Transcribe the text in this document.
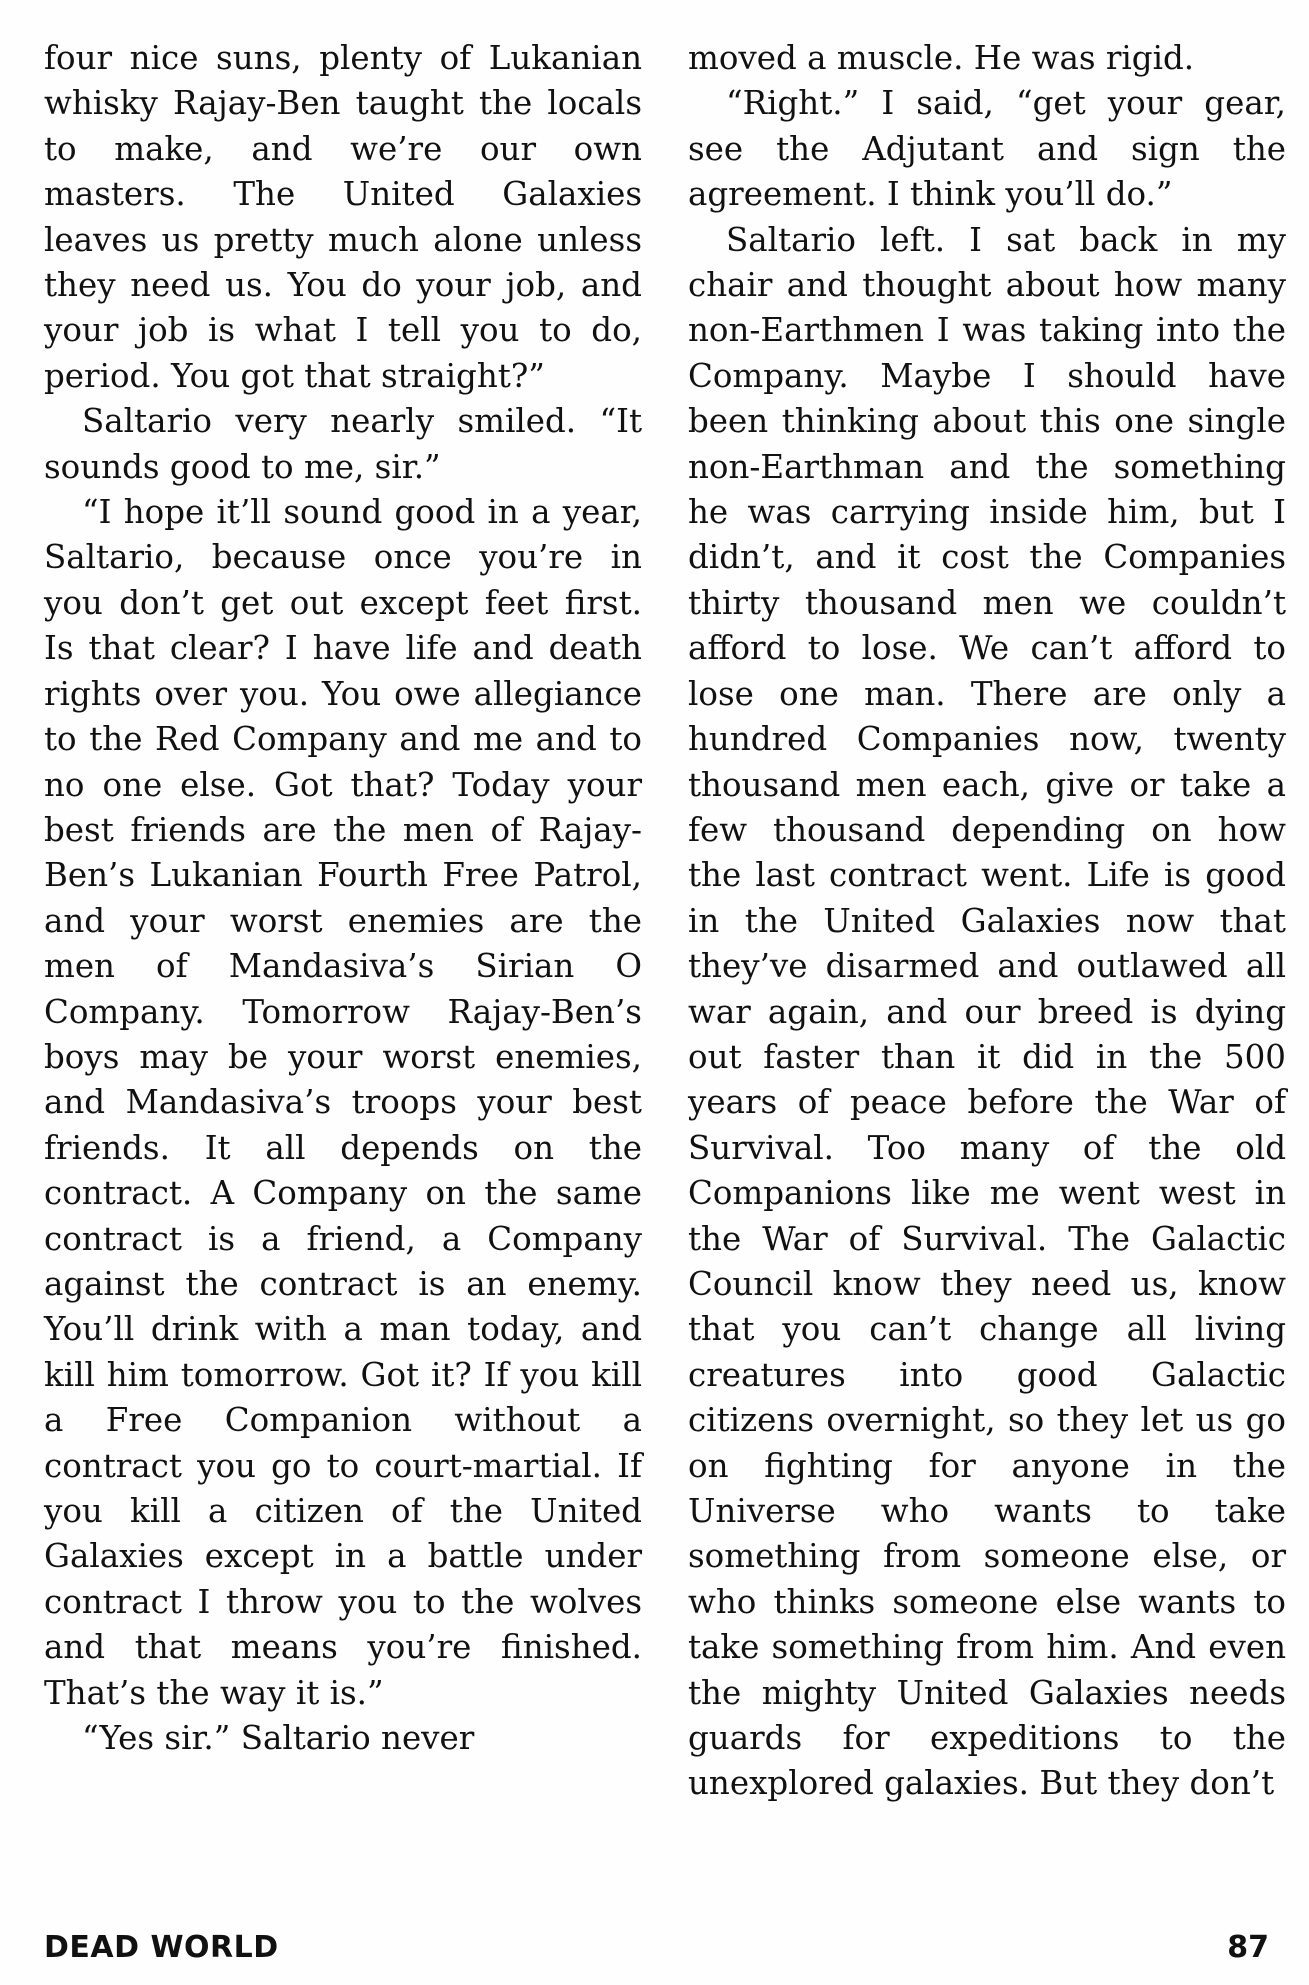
four nice suns, plenty of Lukanian whisky Rajay-Ben taught the locals to make, and we’re our own masters. The United Galaxies leaves us pretty much alone unless they need us. You do your job, and your job is what I tell you to do, period. You got that straight?”

Saltario very nearly smiled. “It sounds good to me, sir.”

“I hope it’ll sound good in a year, Saltario, because once you’re in you don’t get out except feet first. Is that clear? I have life and death rights over you. You owe allegiance to the Red Company and me and to no one else. Got that? Today your best friends are the men of Rajay-Ben’s Lukanian Fourth Free Patrol, and your worst enemies are the men of Mandasiva’s Sirian O Company. Tomorrow Rajay-Ben’s boys may be your worst enemies, and Mandasiva’s troops your best friends. It all depends on the contract. A Company on the same contract is a friend, a Company against the contract is an enemy. You’ll drink with a man today, and kill him tomorrow. Got it? If you kill a Free Companion without a contract you go to court-martial. If you kill a citizen of the United Galaxies except in a battle under contract I throw you to the wolves and that means you’re finished. That’s the way it is.”

“Yes sir.” Saltario never

moved a muscle. He was rigid.

“Right.” I said, “get your gear, see the Adjutant and sign the agreement. I think you’ll do.”

Saltario left. I sat back in my chair and thought about how many non-Earthmen I was taking into the Company. Maybe I should have been thinking about this one single non-Earthman and the something he was carrying inside him, but I didn’t, and it cost the Companies thirty thousand men we couldn’t afford to lose. We can’t afford to lose one man. There are only a hundred Companies now, twenty thousand men each, give or take a few thousand depending on how the last contract went. Life is good in the United Galaxies now that they’ve disarmed and outlawed all war again, and our breed is dying out faster than it did in the 500 years of peace before the War of Survival. Too many of the old Companions like me went west in the War of Survival. The Galactic Council know they need us, know that you can’t change all living creatures into good Galactic citizens overnight, so they let us go on fighting for anyone in the Universe who wants to take something from someone else, or who thinks someone else wants to take something from him. And even the mighty United Galaxies needs guards for expeditions to the unexplored galaxies. But they don’t

DEAD WORLD	87
